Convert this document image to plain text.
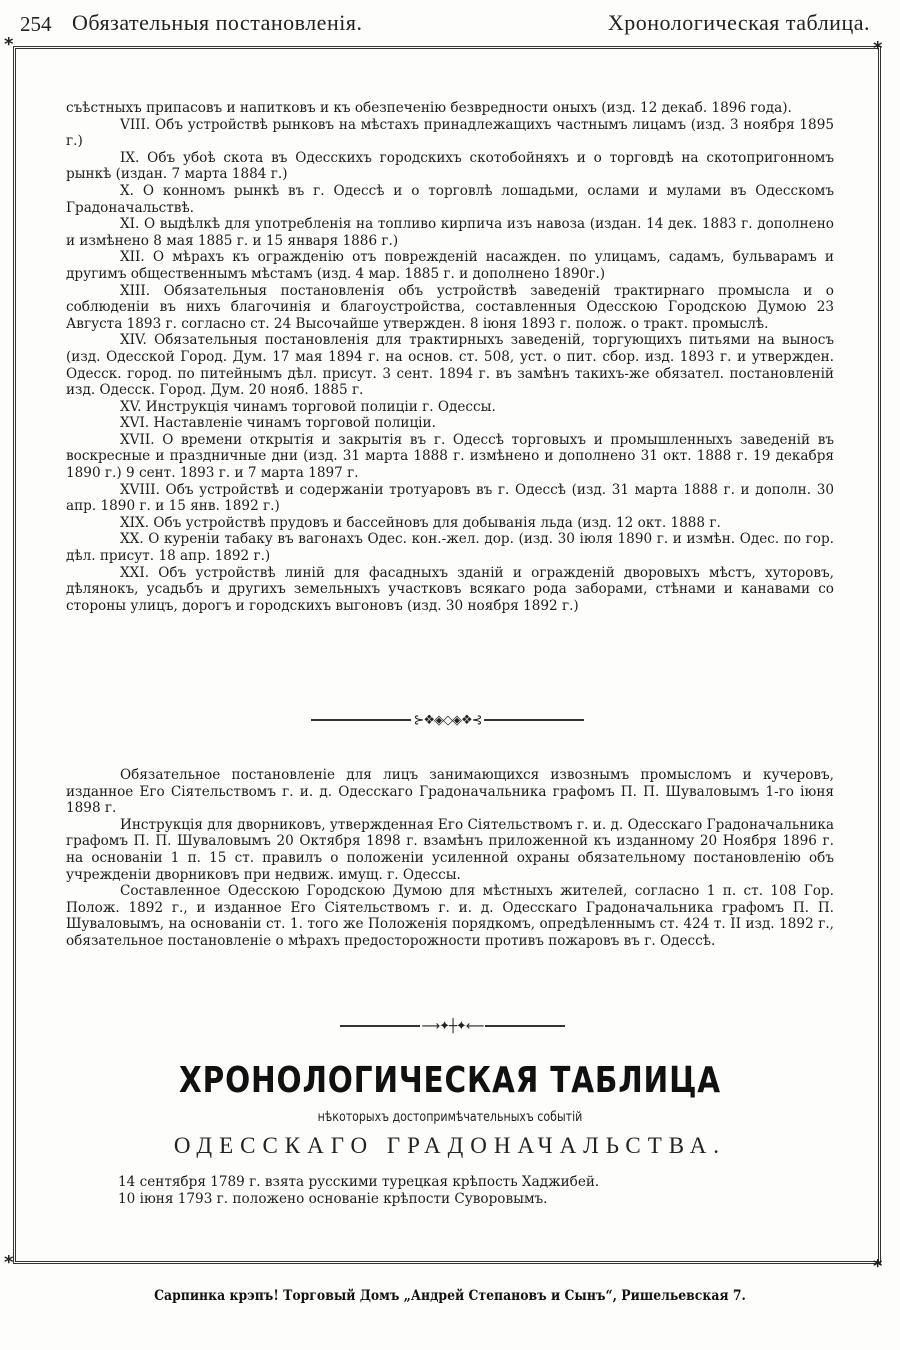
254 Обязательныя постановленія.	Хронологическая таблица.
*	*
*	*

съѣстныхъ припасовъ и напитковъ и къ обезпеченію безвредности оныхъ (изд. 12 декаб. 1896 года).

VIII. Объ устройствѣ рынковъ на мѣстахъ принадлежащихъ частнымъ лицамъ (изд. 3 ноября 1895 г.)

IX. Объ убоѣ скота въ Одесскихъ городскихъ скотобойняхъ и о торговдѣ на скотопригонномъ рынкѣ (издан. 7 марта 1884 г.)

X. О конномъ рынкѣ въ г. Одессѣ и о торговлѣ лошадьми, ослами и мулами въ Одесскомъ Градоначальствѣ.

XI. О выдѣлкѣ для употребленія на топливо кирпича изъ навоза (издан. 14 дек. 1883 г. дополнено и измѣнено 8 мая 1885 г. и 15 января 1886 г.)

XII. О мѣрахъ къ огражденію отъ поврежденій насажден. по улицамъ, садамъ, бульварамъ и другимъ общественнымъ мѣстамъ (изд. 4 мар. 1885 г. и дополнено 1890г.)

XIII. Обязательныя постановленія объ устройствѣ заведеній трактирнаго промысла и о соблюденіи въ нихъ благочинія и благоустройства, составленныя Одесскою Городскою Думою 23 Августа 1893 г. согласно ст. 24 Высочайше утвержден. 8 іюня 1893 г. полож. о тракт. промыслѣ.

XIV. Обязательныя постановленія для трактирныхъ заведеній, торгующихъ питьями на выносъ (изд. Одесской Город. Дум. 17 мая 1894 г. на основ. ст. 508, уст. о пит. сбор. изд. 1893 г. и утвержден. Одесск. город. по питейнымъ дѣл. присут. 3 сент. 1894 г. въ замѣнъ такихъ-же обязател. постановленій изд. Одесск. Город. Дум. 20 нояб. 1885 г.

XV. Инструкція чинамъ торговой полиціи г. Одессы.

XVI. Наставленіе чинамъ торговой полиціи.

XVII. О времени открытія и закрытія въ г. Одессѣ торговыхъ и промышленныхъ заведеній въ воскресные и праздничные дни (изд. 31 марта 1888 г. измѣнено и дополнено 31 окт. 1888 г. 19 декабря 1890 г.) 9 сент. 1893 г. и 7 марта 1897 г.

XVIII. Объ устройствѣ и содержаніи тротуаровъ въ г. Одессѣ (изд. 31 марта 1888 г. и дополн. 30 апр. 1890 г. и 15 янв. 1892 г.)

XIX. Объ устройствѣ прудовъ и бассейновъ для добыванія льда (изд. 12 окт. 1888 г.

XX. О куреніи табаку въ вагонахъ Одес. кон.-жел. дор. (изд. 30 іюля 1890 г. и измѣн. Одес. по гор. дѣл. присут. 18 апр. 1892 г.)

XXI. Объ устройствѣ линій для фасадныхъ зданій и огражденій дворовыхъ мѣстъ, хуторовъ, дѣлянокъ, усадьбъ и другихъ земельныхъ участковъ всякаго рода заборами, стѣнами и канавами со стороны улицъ, дорогъ и городскихъ выгоновъ (изд. 30 ноября 1892 г.)

⊱❖◈◇◈❖⊰

Обязательное постановленіе для лицъ занимающихся извознымъ промысломъ и кучеровъ, изданное Его Сіятельствомъ г. и. д. Одесскаго Градоначальника графомъ П. П. Шуваловымъ 1-го іюня 1898 г.

Инструкція для дворниковъ, утвержденная Его Сіятельствомъ г. и. д. Одесскаго Градоначальника графомъ П. П. Шуваловымъ 20 Октября 1898 г. взамѣнъ приложенной къ изданному 20 Ноября 1896 г. на основаніи 1 п. 15 ст. правилъ о положеніи усиленной охраны обязательному постановленію объ учрежденіи дворниковъ при недвиж. имущ. г. Одессы.

Составленное Одесскою Городскою Думою для мѣстныхъ жителей, согласно 1 п. ст. 108 Гор. Полож. 1892 г., и изданное Его Сіятельствомъ г. и. д. Одесскаго Градоначальника графомъ П. П. Шуваловымъ, на основаніи ст. 1. того же Положенія порядкомъ, опредѣленнымъ ст. 424 т. II изд. 1892 г., обязательное постановленіе о мѣрахъ предосторожности противъ пожаровъ въ г. Одессѣ.

⟶✦┼✦⟵
ХРОНОЛОГИЧЕСКАЯ ТАБЛИЦА
нѣкоторыхъ достопримѣчательныхъ событій
ОДЕССКАГО ГРАДОНАЧАЛЬСТВА.

14 сентября 1789 г. взята русскими турецкая крѣпость Хаджибей.

10 іюня 1793 г. положено основаніе крѣпости Суворовымъ.

Сарпинка крэпъ! Торговый Домъ „Андрей Степановъ и Сынъ“, Ришельевская 7.
